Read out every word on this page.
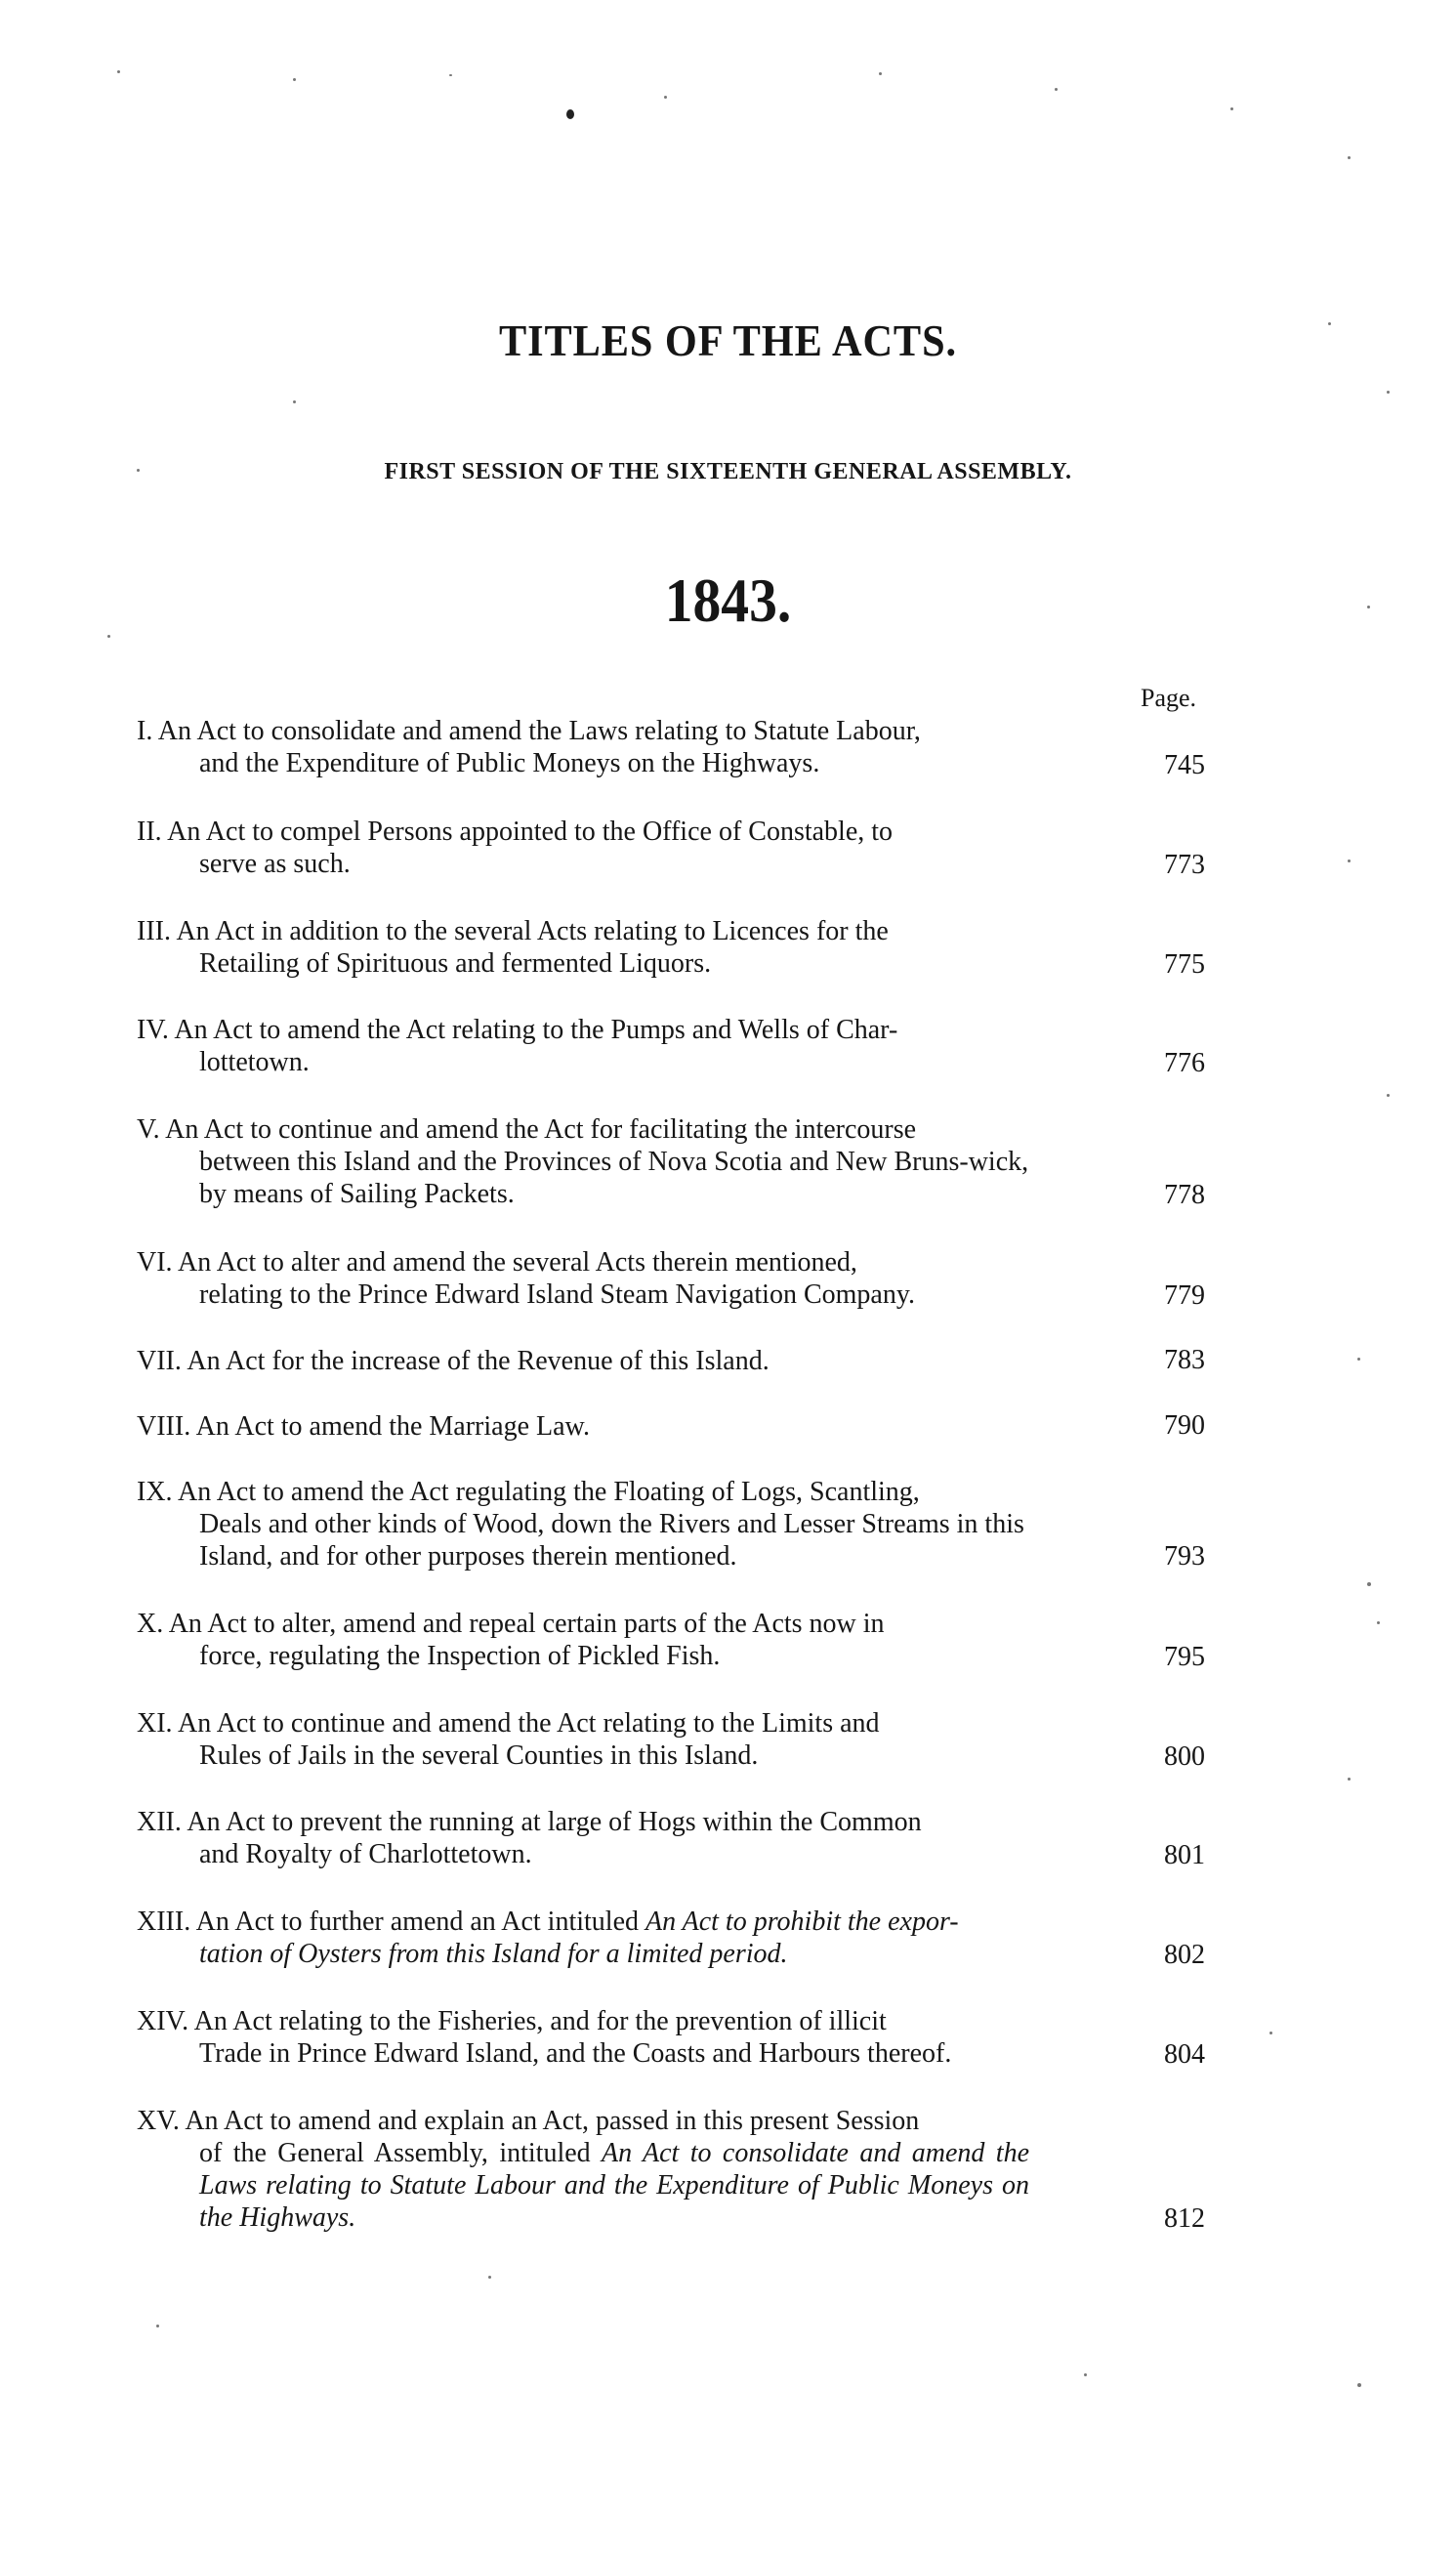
TITLES OF THE ACTS.
FIRST SESSION OF THE SIXTEENTH GENERAL ASSEMBLY.
1843.
Page.
I. An Act to consolidate and amend the Laws relating to Statute Labour,
and the Expenditure of Public Moneys on the Highways.	745
II. An Act to compel Persons appointed to the Office of Constable, to
serve as such.	773
III. An Act in addition to the several Acts relating to Licences for the
Retailing of Spirituous and fermented Liquors.	775
IV. An Act to amend the Act relating to the Pumps and Wells of Char-
lottetown.	776
V. An Act to continue and amend the Act for facilitating the intercourse
between this Island and the Provinces of Nova Scotia and New Bruns-wick, by means of Sailing Packets.	778
VI. An Act to alter and amend the several Acts therein mentioned,
relating to the Prince Edward Island Steam Navigation Company.	779
VII. An Act for the increase of the Revenue of this Island.	783
VIII. An Act to amend the Marriage Law.	790
IX. An Act to amend the Act regulating the Floating of Logs, Scantling,
Deals and other kinds of Wood, down the Rivers and Lesser Streams in this Island, and for other purposes therein mentioned.	793
X. An Act to alter, amend and repeal certain parts of the Acts now in
force, regulating the Inspection of Pickled Fish.	795
XI. An Act to continue and amend the Act relating to the Limits and
Rules of Jails in the several Counties in this Island.	800
XII. An Act to prevent the running at large of Hogs within the Common
and Royalty of Charlottetown.	801
XIII. An Act to further amend an Act intituled An Act to prohibit the expor-
tation of Oysters from this Island for a limited period.	802
XIV. An Act relating to the Fisheries, and for the prevention of illicit
Trade in Prince Edward Island, and the Coasts and Harbours thereof.	804
XV. An Act to amend and explain an Act, passed in this present Session
of the General Assembly, intituled An Act to consolidate and amend the Laws relating to Statute Labour and the Expenditure of Public Moneys on the Highways.	812
